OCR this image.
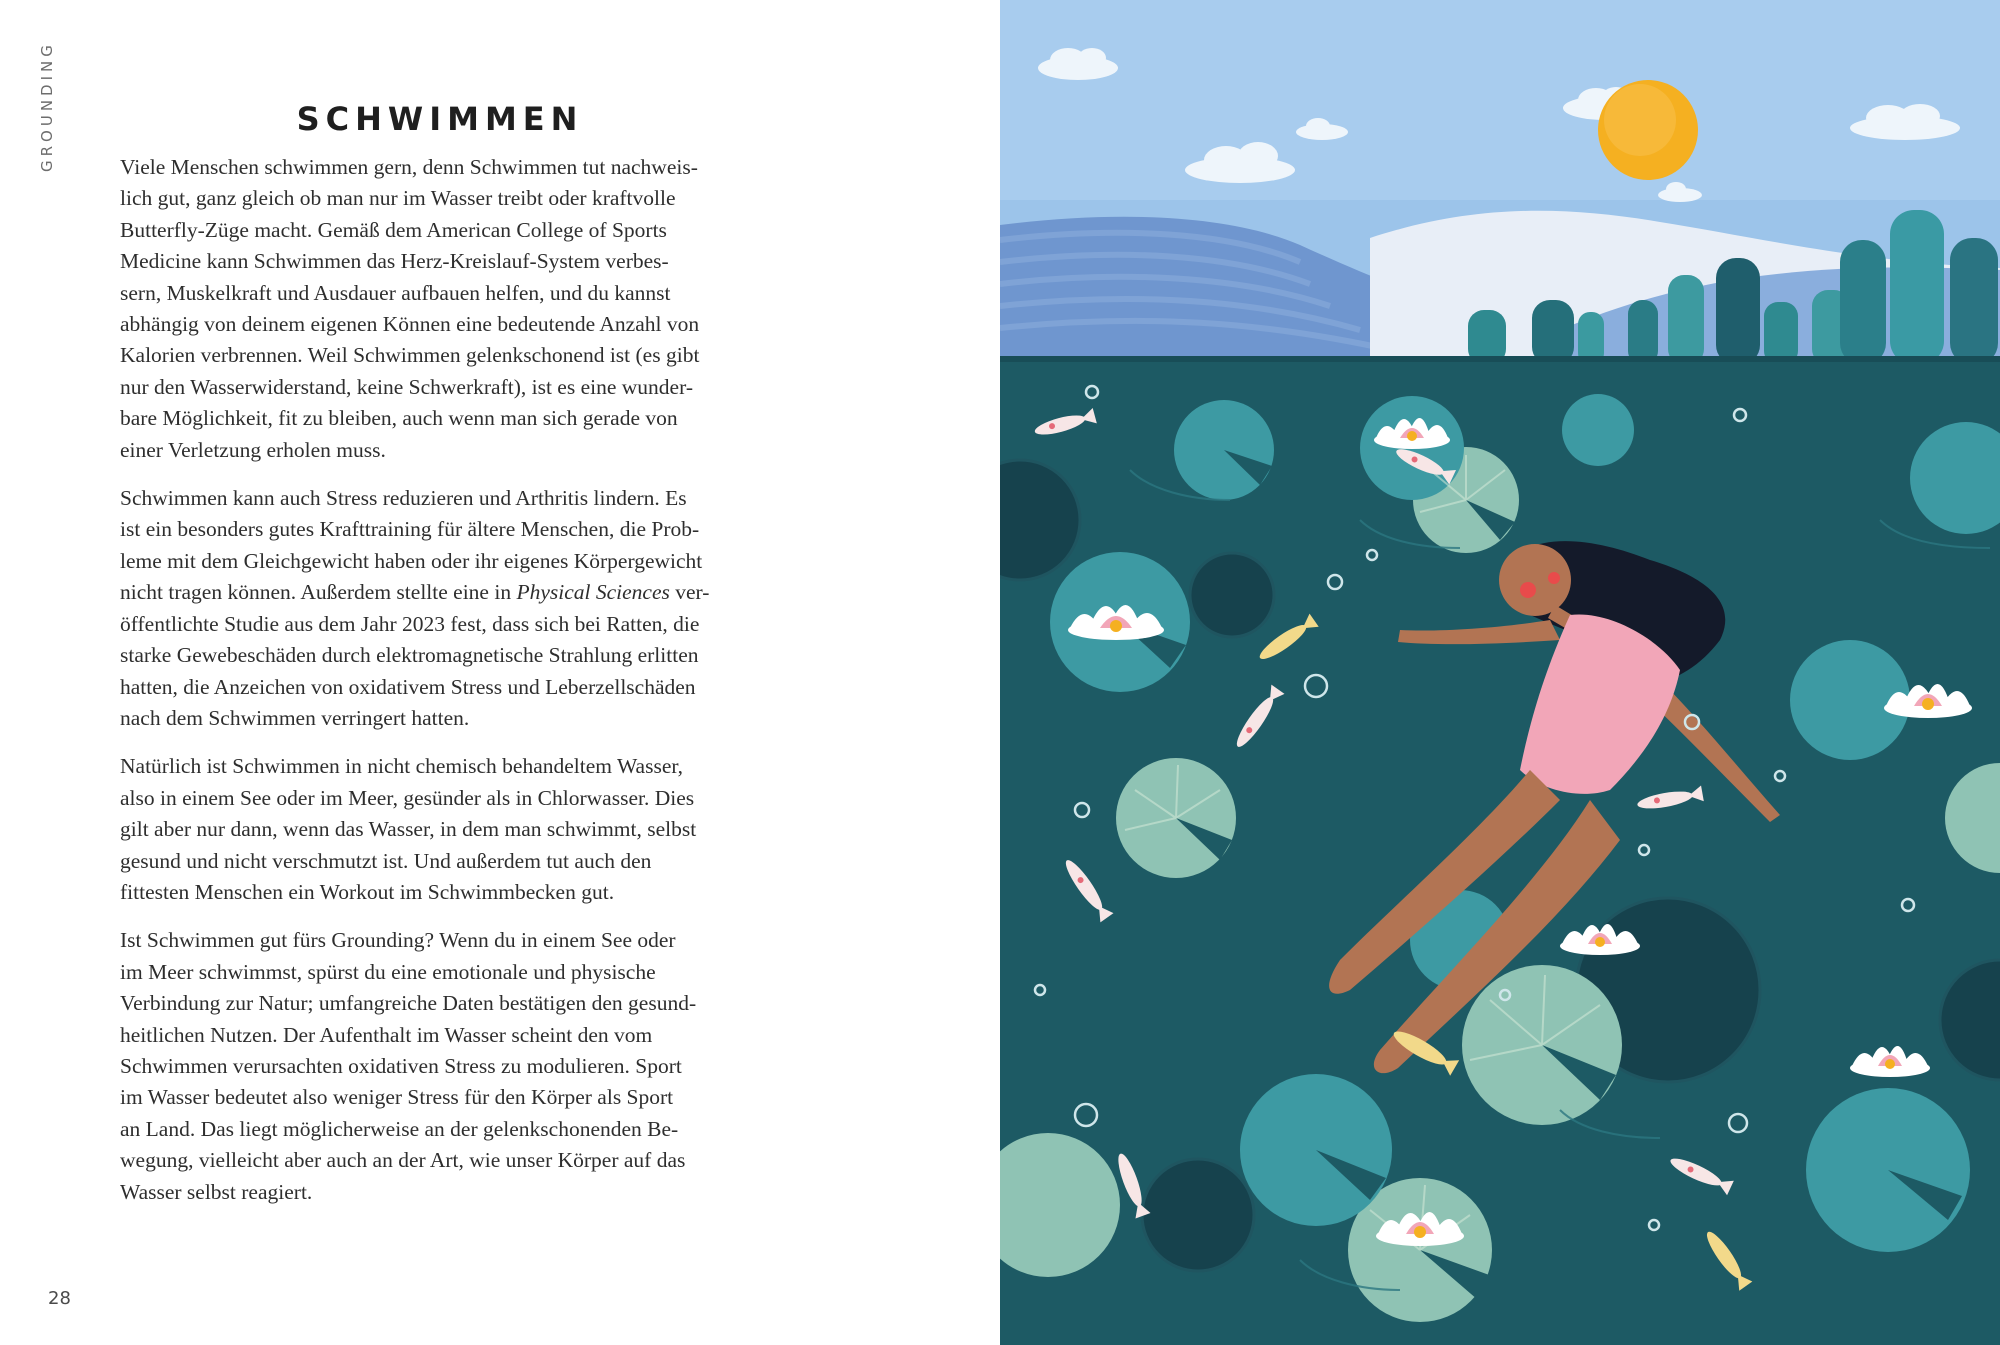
GROUNDING	SCHWIMMEN

Viele Menschen schwimmen gern, denn Schwimmen tut nachweis-
lich gut, ganz gleich ob man nur im Wasser treibt oder kraftvolle
Butterfly-Züge macht. Gemäß dem American College of Sports
Medicine kann Schwimmen das Herz-Kreislauf-System verbes-
sern, Muskelkraft und Ausdauer aufbauen helfen, und du kannst
abhängig von deinem eigenen Können eine bedeutende Anzahl von
Kalorien verbrennen. Weil Schwimmen gelenkschonend ist (es gibt
nur den Wasserwiderstand, keine Schwerkraft), ist es eine wunder-
bare Möglichkeit, fit zu bleiben, auch wenn man sich gerade von
einer Verletzung erholen muss.

Schwimmen kann auch Stress reduzieren und Arthritis lindern. Es
ist ein besonders gutes Krafttraining für ältere Menschen, die Prob-
leme mit dem Gleichgewicht haben oder ihr eigenes Körpergewicht
nicht tragen können. Außerdem stellte eine in Physical Sciences ver-
öffentlichte Studie aus dem Jahr 2023 fest, dass sich bei Ratten, die
starke Gewebeschäden durch elektromagnetische Strahlung erlitten
hatten, die Anzeichen von oxidativem Stress und Leberzellschäden
nach dem Schwimmen verringert hatten.

Natürlich ist Schwimmen in nicht chemisch behandeltem Wasser,
also in einem See oder im Meer, gesünder als in Chlorwasser. Dies
gilt aber nur dann, wenn das Wasser, in dem man schwimmt, selbst
gesund und nicht verschmutzt ist. Und außerdem tut auch den
fittesten Menschen ein Workout im Schwimmbecken gut.

Ist Schwimmen gut fürs Grounding? Wenn du in einem See oder
im Meer schwimmst, spürst du eine emotionale und physische
Verbindung zur Natur; umfangreiche Daten bestätigen den gesund-
heitlichen Nutzen. Der Aufenthalt im Wasser scheint den vom
Schwimmen verursachten oxidativen Stress zu modulieren. Sport
im Wasser bedeutet also weniger Stress für den Körper als Sport
an Land. Das liegt möglicherweise an der gelenkschonenden Be-
wegung, vielleicht aber auch an der Art, wie unser Körper auf das
Wasser selbst reagiert.

28
